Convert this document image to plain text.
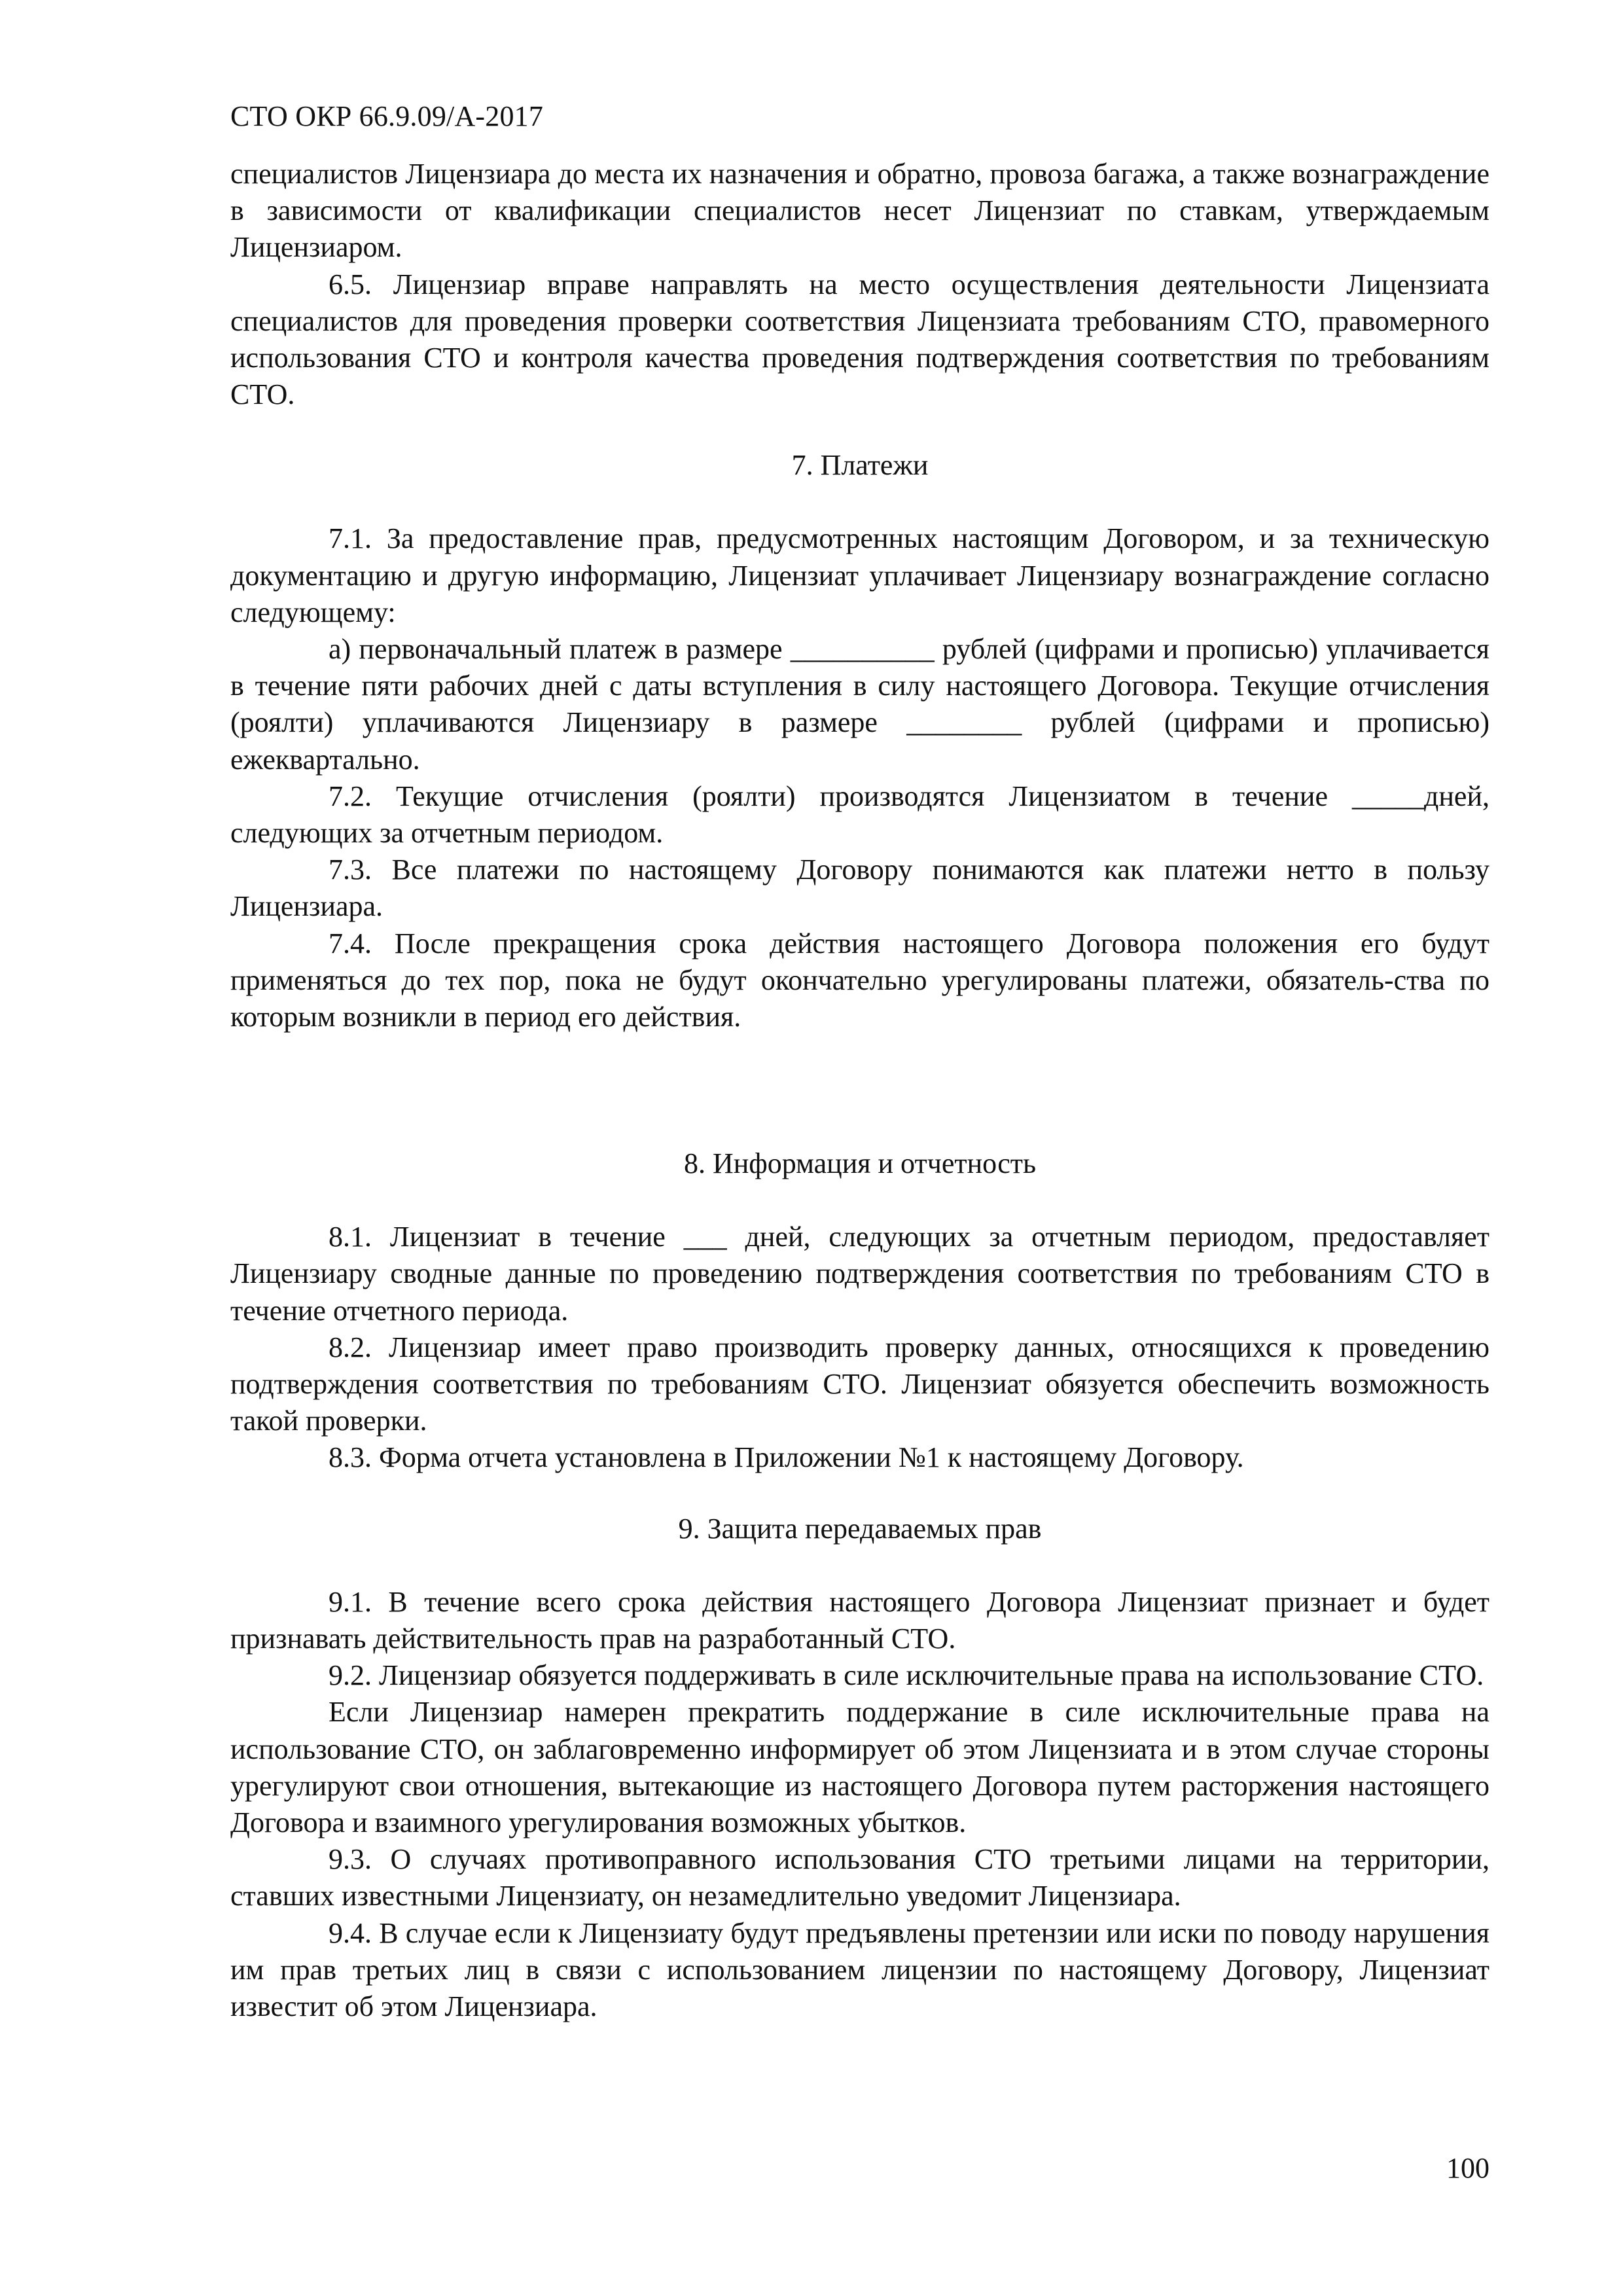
СТО ОКР 66.9.09/А-2017

специалистов Лицензиара до места их назначения и обратно, провоза багажа, а также вознаграждение в зависимости от квалификации специалистов несет Лицензиат по ставкам, утверждаемым Лицензиаром.

6.5. Лицензиар вправе направлять на место осуществления деятельности Лицензиата специалистов для проведения проверки соответствия Лицензиата требованиям СТО, правомерного использования СТО и контроля качества проведения подтверждения соответствия по требованиям СТО.

7. Платежи

7.1. За предоставление прав, предусмотренных настоящим Договором, и за техническую документацию и другую информацию, Лицензиат уплачивает Лицензиару вознаграждение согласно следующему:

а) первоначальный платеж в размере __________ рублей (цифрами и прописью) уплачивается в течение пяти рабочих дней с даты вступления в силу настоящего Договора. Текущие отчисления (роялти) уплачиваются Лицензиару в размере ________ рублей (цифрами и прописью) ежеквартально.

7.2. Текущие отчисления (роялти) производятся Лицензиатом в течение _____дней, следующих за отчетным периодом.

7.3. Все платежи по настоящему Договору понимаются как платежи нетто в пользу Лицензиара.

7.4. После прекращения срока действия настоящего Договора положения его будут применяться до тех пор, пока не будут окончательно урегулированы платежи, обязатель-ства по которым возникли в период его действия.

8. Информация и отчетность

8.1. Лицензиат в течение ___ дней, следующих за отчетным периодом, предоставляет Лицензиару сводные данные по проведению подтверждения соответствия по требованиям СТО в течение отчетного периода.

8.2. Лицензиар имеет право производить проверку данных, относящихся к проведению подтверждения соответствия по требованиям СТО. Лицензиат обязуется обеспечить возможность такой проверки.

8.3. Форма отчета установлена в Приложении №1 к настоящему Договору.

9. Защита передаваемых прав

9.1. В течение всего срока действия настоящего Договора Лицензиат признает и будет признавать действительность прав на разработанный СТО.

9.2. Лицензиар обязуется поддерживать в силе исключительные права на использование СТО.

Если Лицензиар намерен прекратить поддержание в силе исключительные права на использование СТО, он заблаговременно информирует об этом Лицензиата и в этом случае стороны урегулируют свои отношения, вытекающие из настоящего Договора путем расторжения настоящего Договора и взаимного урегулирования возможных убытков.

9.3. О случаях противоправного использования СТО третьими лицами на территории, ставших известными Лицензиату, он незамедлительно уведомит Лицензиара.

9.4. В случае если к Лицензиату будут предъявлены претензии или иски по поводу нарушения им прав третьих лиц в связи с использованием лицензии по настоящему Договору, Лицензиат известит об этом Лицензиара.

100
